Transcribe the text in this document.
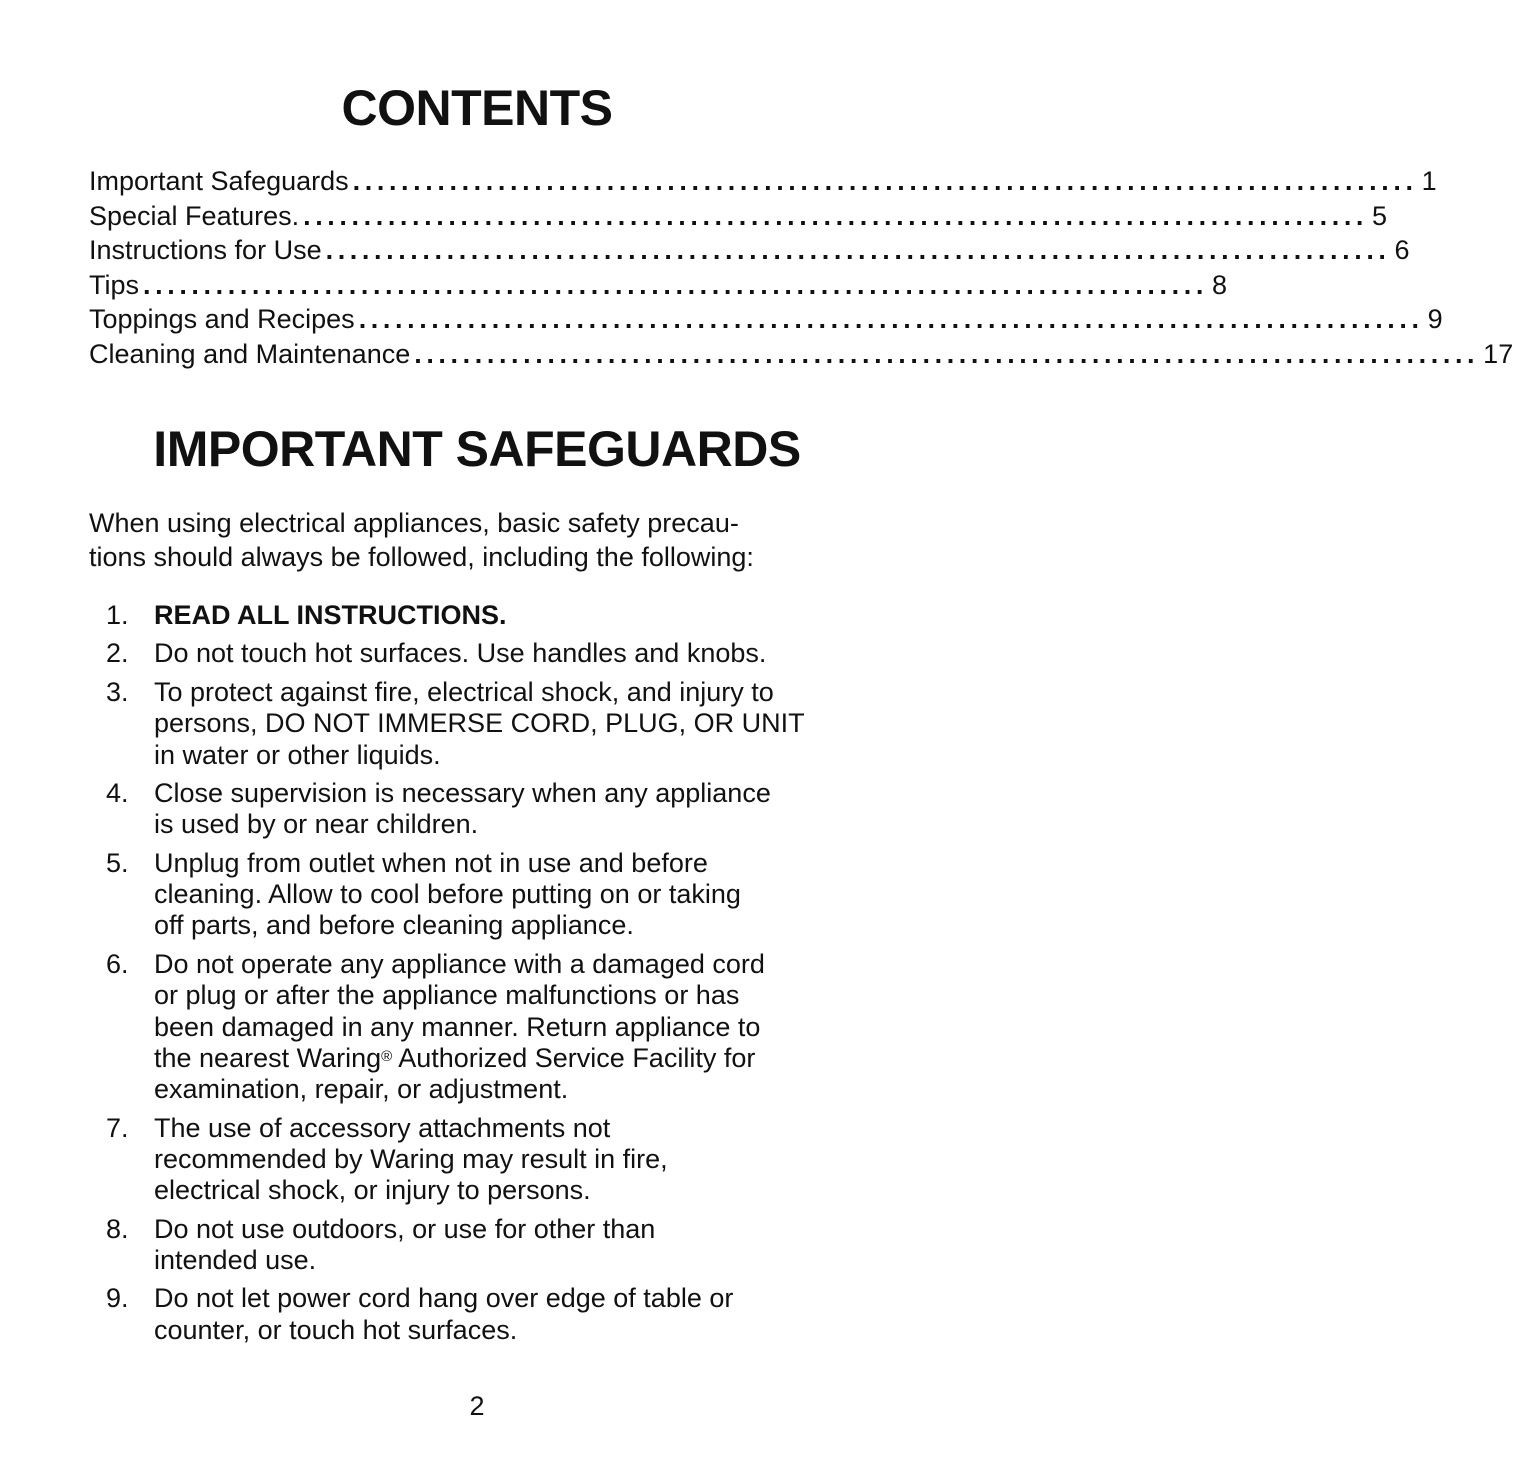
CONTENTS
Important Safeguards ........................................................................................ 1
Special Features. ........................................................................................ 5
Instructions for Use ........................................................................................ 6
Tips ........................................................................................ 8
Toppings and Recipes ........................................................................................ 9
Cleaning and Maintenance ........................................................................................ 17
IMPORTANT SAFEGUARDS

When using electrical appliances, basic safety precau-
tions should always be followed, including the following:

1. READ ALL INSTRUCTIONS.
2. Do not touch hot surfaces. Use handles and knobs.
3. To protect against fire, electrical shock, and injury to
persons, DO NOT IMMERSE CORD, PLUG, OR UNIT
in water or other liquids.
4. Close supervision is necessary when any appliance
is used by or near children.
5. Unplug from outlet when not in use and before
cleaning. Allow to cool before putting on or taking
off parts, and before cleaning appliance.
6. Do not operate any appliance with a damaged cord
or plug or after the appliance malfunctions or has
been damaged in any manner. Return appliance to
the nearest Waring® Authorized Service Facility for
examination, repair, or adjustment.
7. The use of accessory attachments not
recommended by Waring may result in fire,
electrical shock, or injury to persons.
8. Do not use outdoors, or use for other than
intended use.
9. Do not let power cord hang over edge of table or
counter, or touch hot surfaces.
2
